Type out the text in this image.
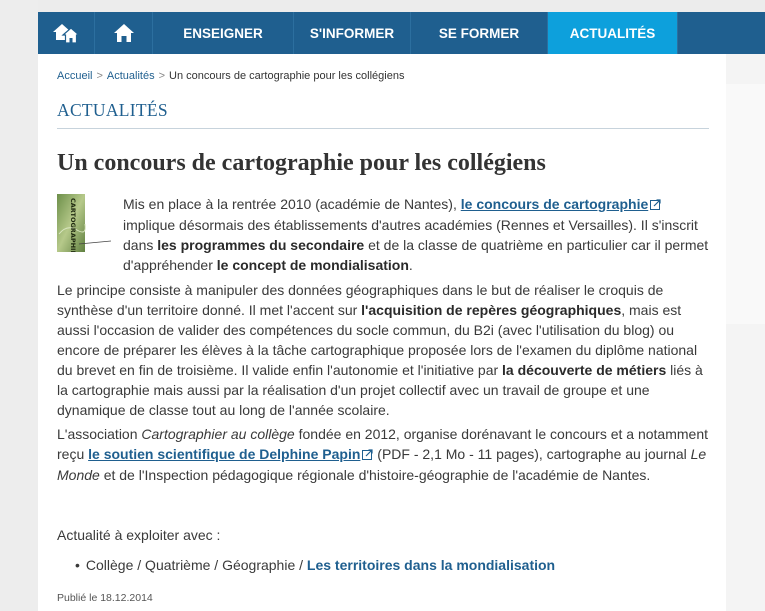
ENSEIGNER	S'INFORMER	SE FORMER	ACTUALITÉS
Accueil > Actualités > Un concours de cartographie pour les collégiens
ACTUALITÉS
Un concours de cartographie pour les collégiens
CARTOGRAPHIER	Mis en place à la rentrée 2010 (académie de Nantes), le concours de cartographie implique désormais des établissements d'autres académies (Rennes et Versailles). Il s'inscrit dans les programmes du secondaire et de la classe de quatrième en particulier car il permet d'appréhender le concept de mondialisation.

Le principe consiste à manipuler des données géographiques dans le but de réaliser le croquis de synthèse d'un territoire donné. Il met l'accent sur l'acquisition de repères géographiques, mais est aussi l'occasion de valider des compétences du socle commun, du B2i (avec l'utilisation du blog) ou encore de préparer les élèves à la tâche cartographique proposée lors de l'examen du diplôme national du brevet en fin de troisième. Il valide enfin l'autonomie et l'initiative par la découverte de métiers liés à la cartographie mais aussi par la réalisation d'un projet collectif avec un travail de groupe et une dynamique de classe tout au long de l'année scolaire.

L'association Cartographier au collège fondée en 2012, organise dorénavant le concours et a notamment reçu le soutien scientifique de Delphine Papin (PDF - 2,1 Mo - 11 pages), cartographe au journal Le Monde et de l'Inspection pédagogique régionale d'histoire-géographie de l'académie de Nantes.

Actualité à exploiter avec :

• Collège / Quatrième / Géographie / Les territoires dans la mondialisation
Publié le 18.12.2014
